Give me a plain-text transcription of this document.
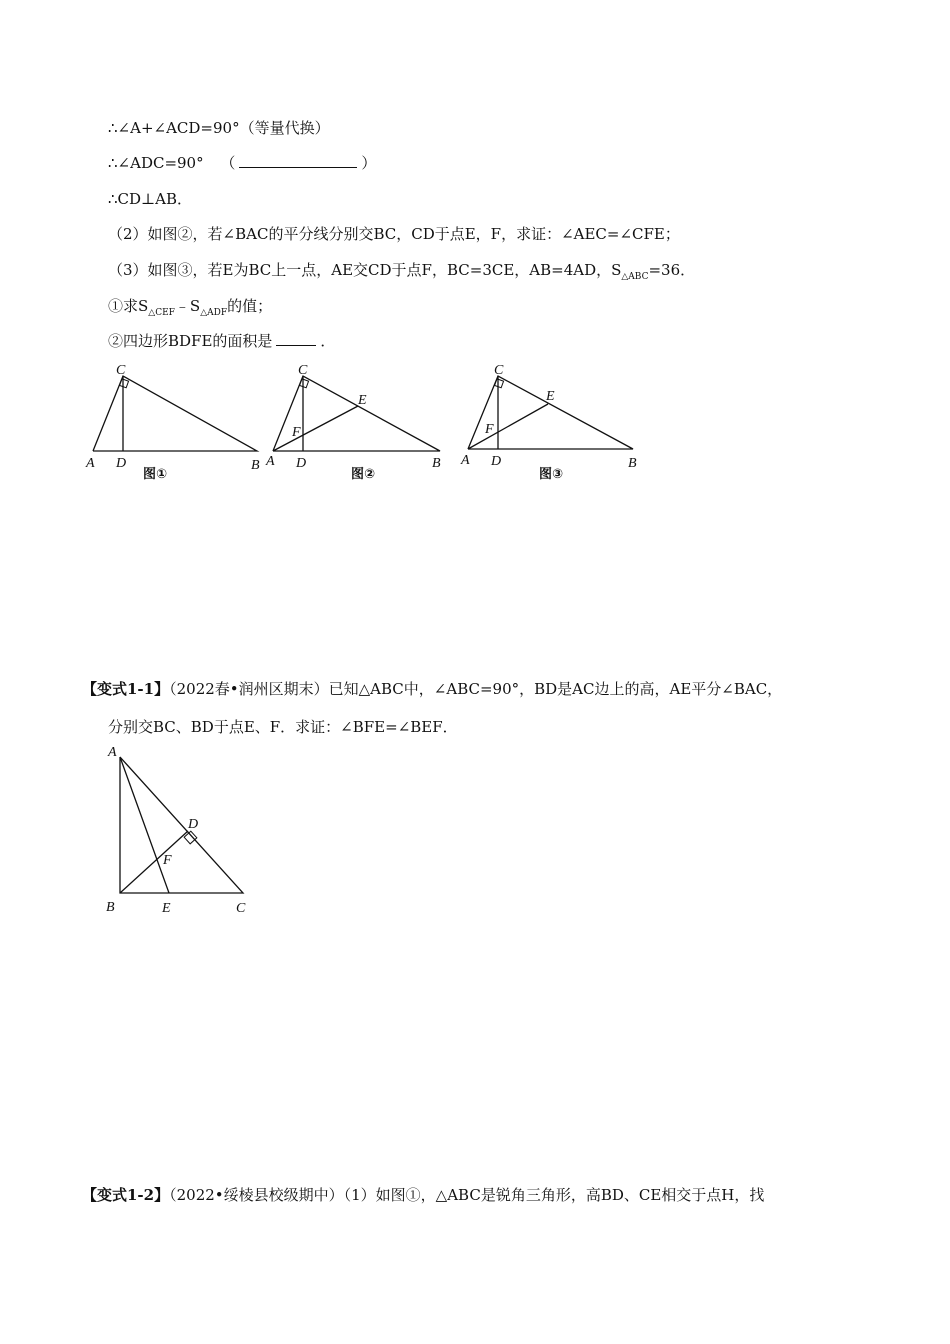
∴∠A+∠ACD=90°（等量代换）
∴∠ADC=90° （	）
∴CD⊥AB．
（2）如图②，若∠BAC的平分线分别交BC，CD于点E，F，求证：∠AEC=∠CFE；
（3）如图③，若E为BC上一点，AE交CD于点F，BC=3CE，AB=4AD，$S_{\triangle ABC}=36$．
①求$S_{\triangle CEF}﹣S_{\triangle ADF}$的值；
②四边形BDFE的面积是	．
C
A D	B
图①
C
E
F
A D	B
图②
C
E
F
A D	B
图③
【变式1-1】（2022春•润州区期末）已知△ABC中，∠ABC=90°，BD是AC边上的高，AE平分∠BAC，
分别交BC、BD于点E、F．求证：∠BFE=∠BEF．
A
D
F
B	E	C
【变式1-2】（2022•绥棱县校级期中）（1）如图①，△ABC是锐角三角形，高BD、CE相交于点H，找
